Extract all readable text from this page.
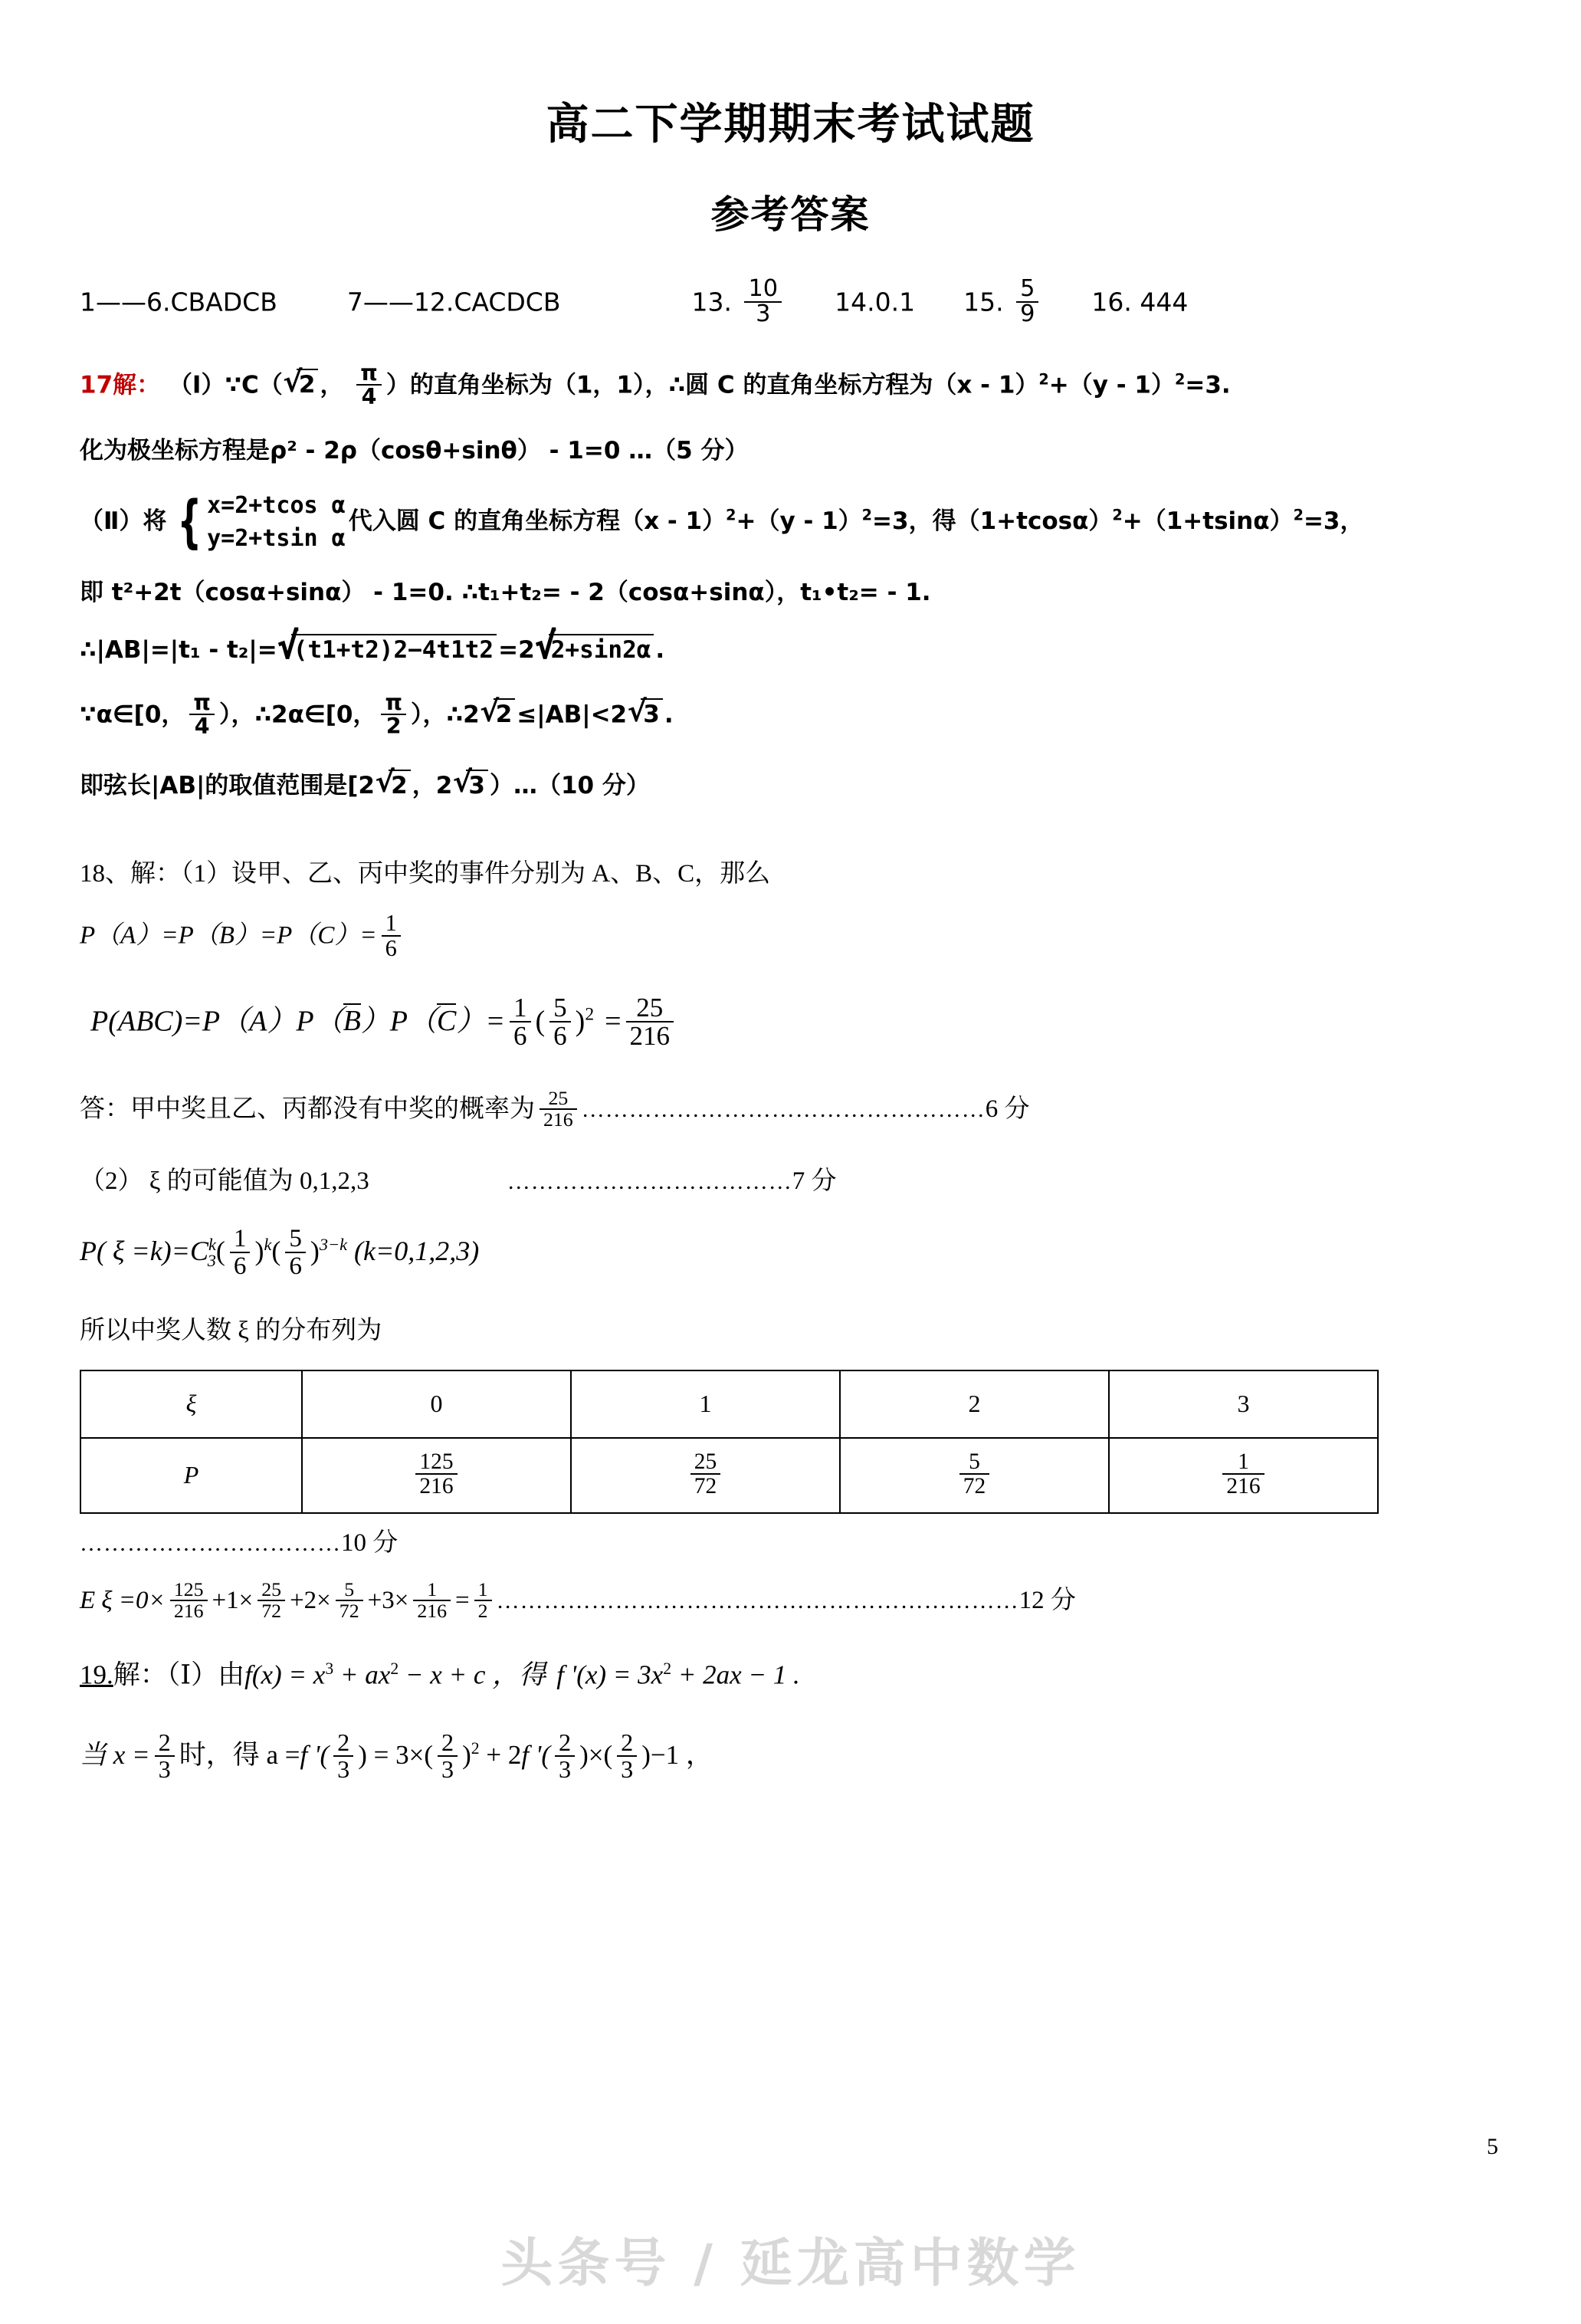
高二下学期期末考试试题
参考答案
1——6.CBADCB	7——12.CACDCB	13. $\frac{10}{3} 14.0.1$ 15. $\frac{5}{9} 16$. 444
17解： （Ⅰ）∵C（ √ 2 ， $\frac{\pi}{4}$ ）的直角坐标为（1，1），∴圆 C 的直角坐标方程为（x - 1）$^2$+（y - 1）$^2$=3.
化为极坐标方程是ρ² - 2ρ（cosθ+sinθ） - 1=0 …（5 分）
（Ⅱ）将 { x=2+tcos α
y=2+tsin α
代入圆 C 的直角坐标方程（x - 1）$^2$+（y - 1）$^2$=3，得$(1+tcos\alpha)^2+(1+tsin\alpha)^2=3$，
即 t²+2t（cosα+sinα） - 1=0. ∴t₁+t₂= - 2（cosα+sinα），t₁•t₂= - 1.
∴|AB|=|t₁ - t₂|= √ (t1+t2)2−4t1t2 =2 √ 2+sin2α .
∵α∈[0， $\frac{\pi}{4}$ ），∴2α∈[0， $\frac{\pi}{2}$ ），∴2 √ 2 ≤|AB|<2 √ 3 .
即弦长|AB|的取值范围是[2 √ 2 ，2 √ 3 ）…（10 分）
18、解：（1）设甲、乙、丙中奖的事件分别为 A、B、C，那么
$P(A)=P(B)=P(C)= \frac{1}{6}$
$P(ABC)=P(A)P(B)P(C)= \frac{1}{6}$ ( $\frac{5}{6} )^2 = \frac{25}{216}$
答：甲中奖且乙、丙都没有中奖的概率为 $\frac{25}{216}$ ……………………………………………6 分
（2） ξ 的可能值为 0,1,2,3	………………………………7 分
P( $\xi =k)=C^k_3( \frac{1}{6} )^k( \frac{5}{6} )^{3-k}$ (k=0,1,2,3)
所以中奖人数 ξ 的分布列为
ξ	0	1	2	3
P	$\frac{125}{216}$	$\frac{25}{72}$	$\frac{5}{72}$	$\frac{1}{216}$
……………………………10 分
E $\xi =0\times \frac{125}{216} +1\times \frac{25}{72} +2\times \frac{5}{72} +3\times \frac{1}{216} = \frac{1}{2}$ …………………………………………………………12 分
19.解：（Ⅰ）由$f(x) = x^3 + ax^2 - x + c$ ，得 f '$(x) = 3x^2 + 2ax - 1$ .
当 $x = \frac{2}{3}$ 时，得 a =f '( $\frac{2}{3}$ ) = $3\times( \frac{2}{3} )^2 + 2f$ '( $\frac{2}{3}$ )×( $\frac{2}{3} )-1$ ，
5
头条号 / 延龙高中数学
